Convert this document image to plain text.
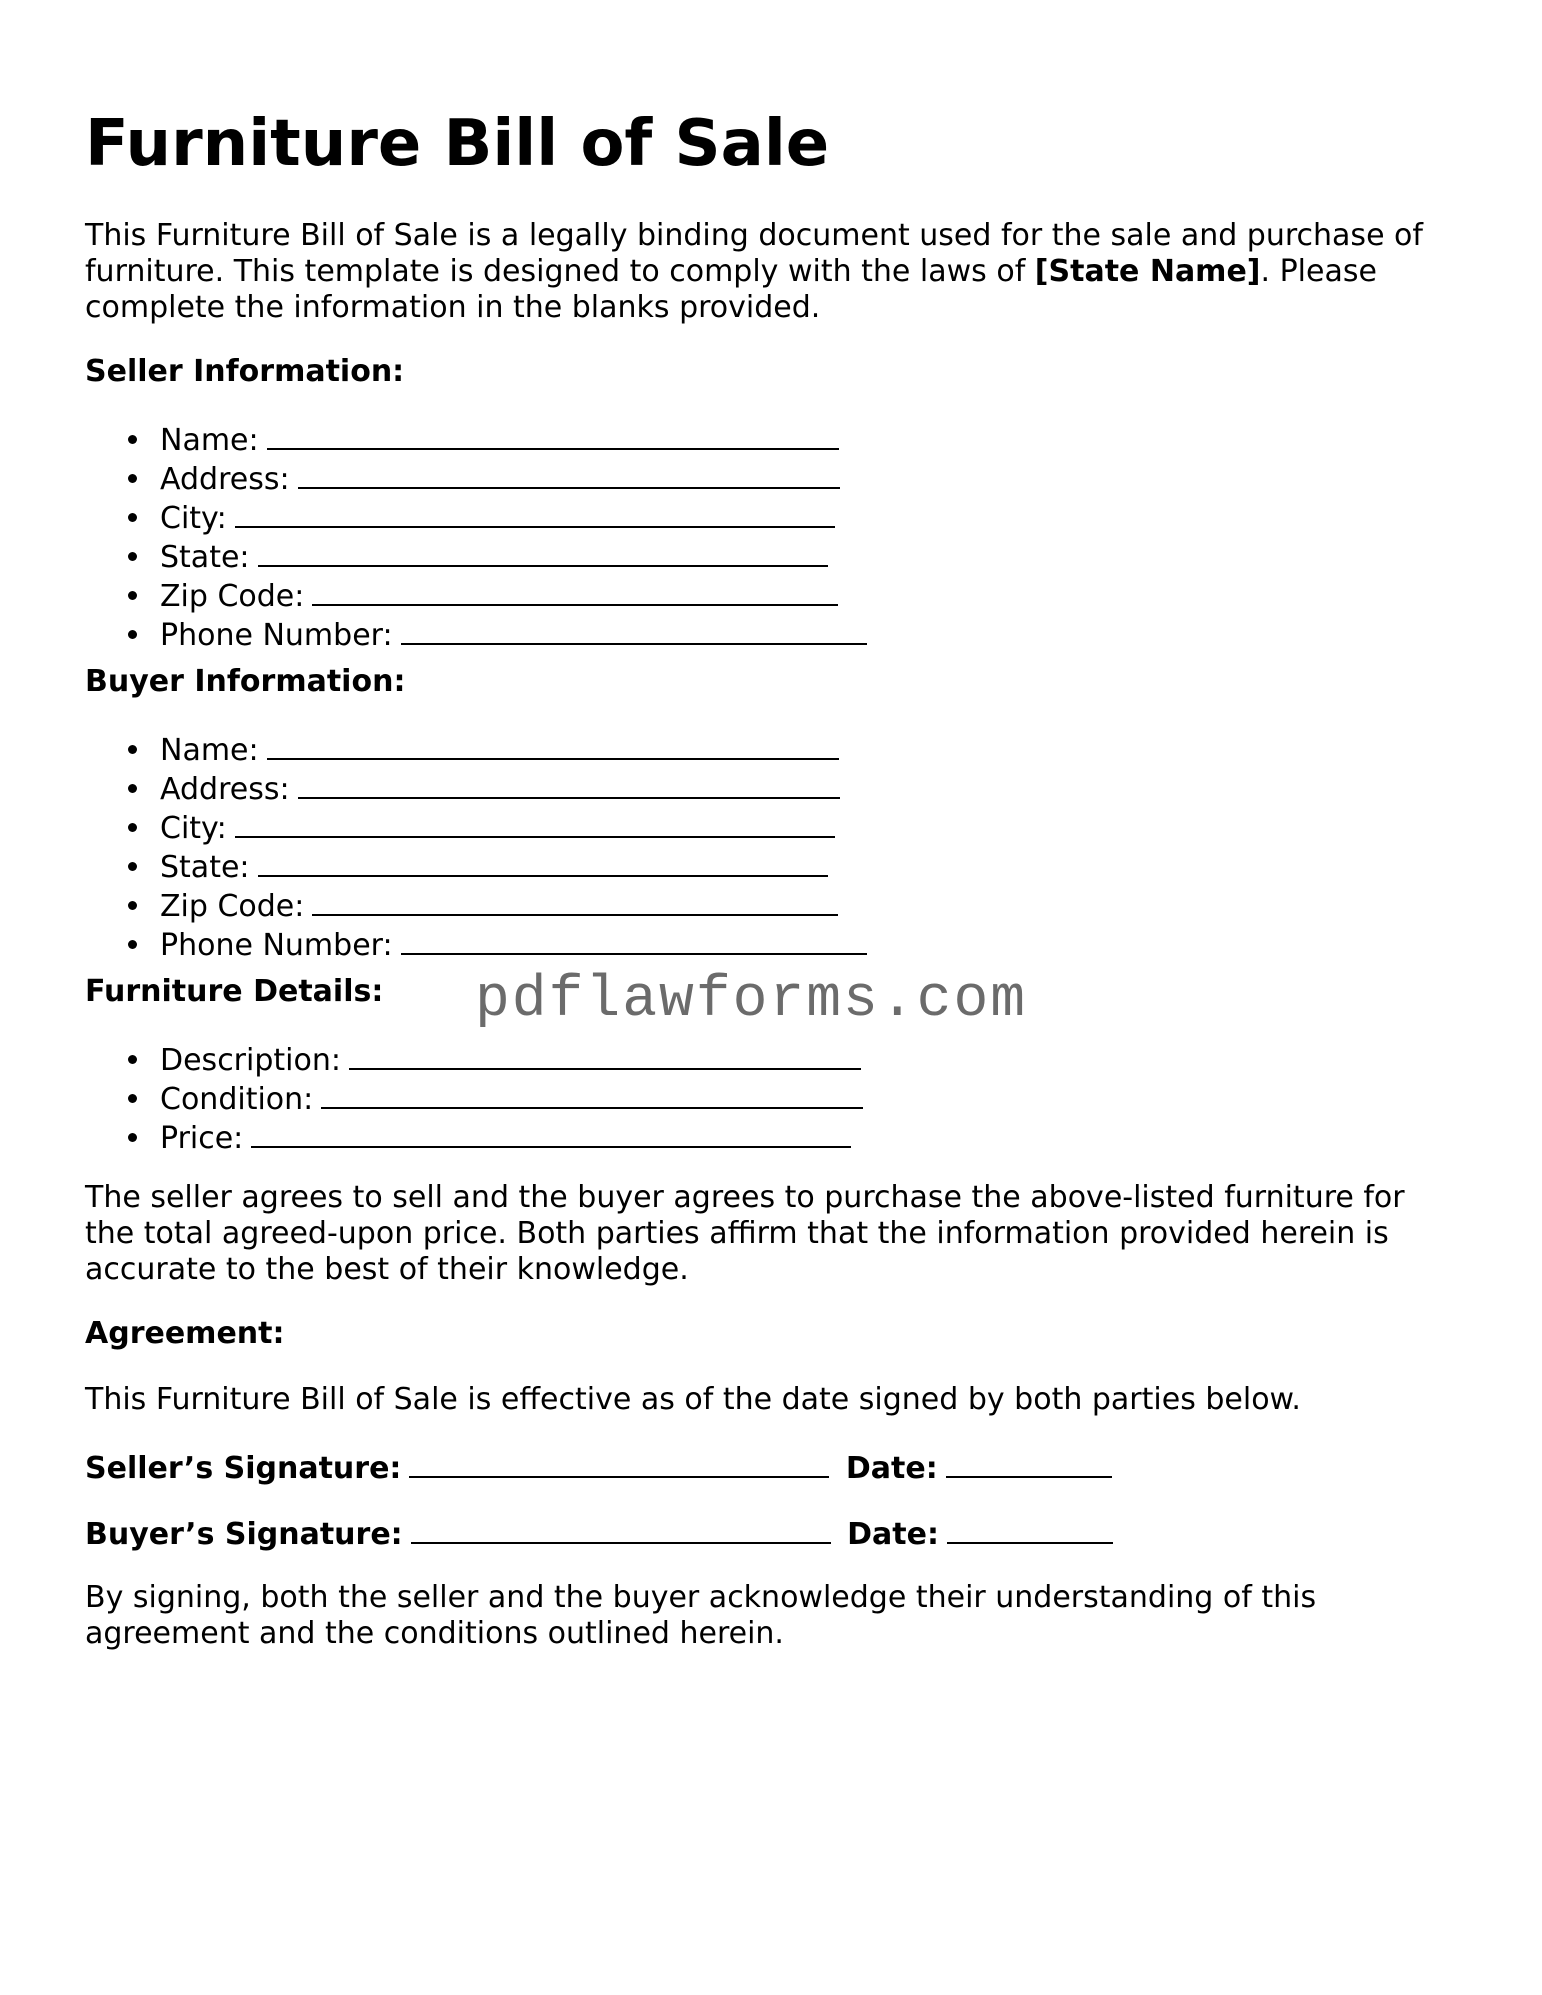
Furniture Bill of Sale

This Furniture Bill of Sale is a legally binding document used for the sale and purchase of
furniture. This template is designed to comply with the laws of [State Name]. Please
complete the information in the blanks provided.

Seller Information:
Name:
Address:
City:
State:
Zip Code:
Phone Number:
Buyer Information:
Name:
Address:
City:
State:
Zip Code:
Phone Number:
Furniture Details:
Description:
Condition:
Price:

The seller agrees to sell and the buyer agrees to purchase the above-listed furniture for
the total agreed-upon price. Both parties affirm that the information provided herein is
accurate to the best of their knowledge.

Agreement:

This Furniture Bill of Sale is effective as of the date signed by both parties below.

Seller’s Signature:	Date:
Buyer’s Signature:	Date:

By signing, both the seller and the buyer acknowledge their understanding of this
agreement and the conditions outlined herein.

pdflawforms.com
